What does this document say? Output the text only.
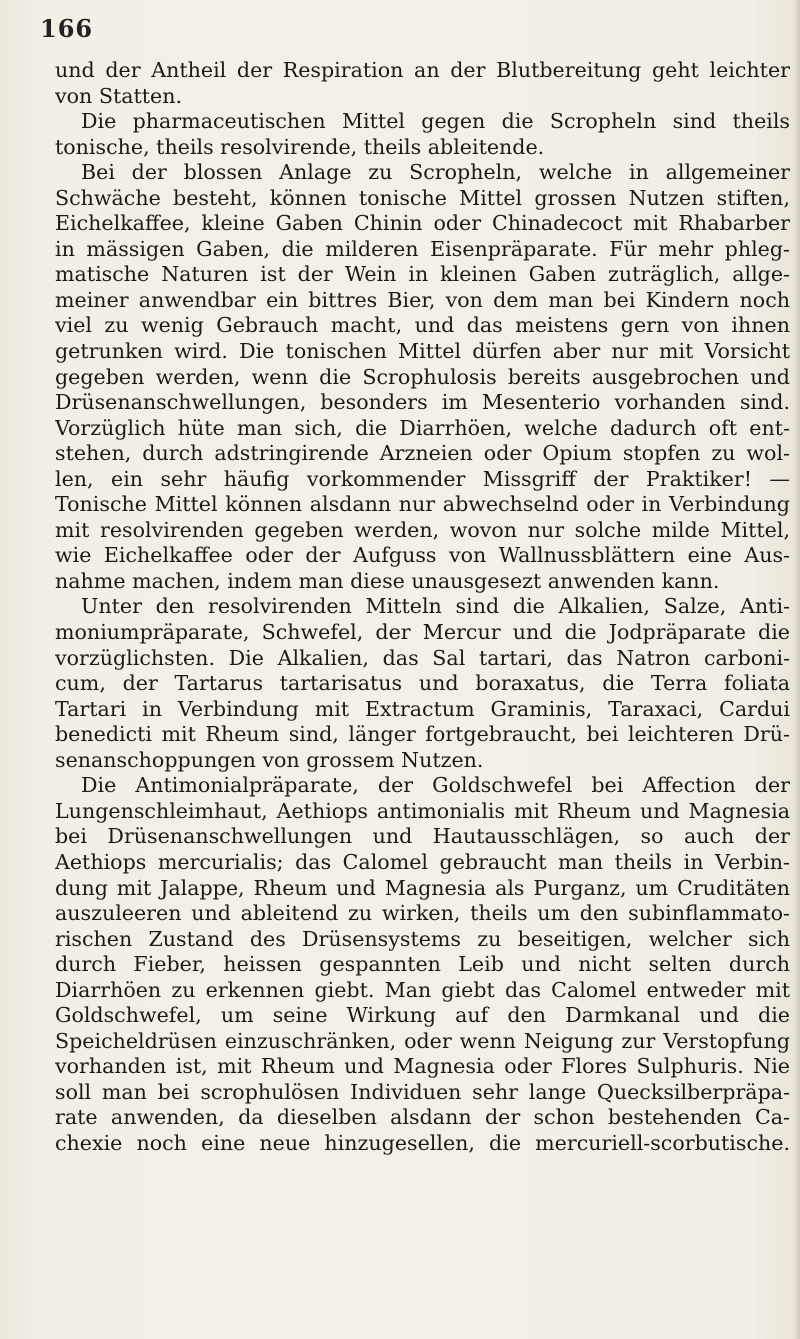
166
und der Antheil der Respiration an der Blutbereitung geht leichter
von Statten.
Die pharmaceutischen Mittel gegen die Scropheln sind theils
tonische, theils resolvirende, theils ableitende.
Bei der blossen Anlage zu Scropheln, welche in allgemeiner
Schwäche besteht, können tonische Mittel grossen Nutzen stiften,
Eichelkaffee, kleine Gaben Chinin oder Chinadecoct mit Rhabarber
in mässigen Gaben, die milderen Eisenpräparate. Für mehr phleg-
matische Naturen ist der Wein in kleinen Gaben zuträglich, allge-
meiner anwendbar ein bittres Bier, von dem man bei Kindern noch
viel zu wenig Gebrauch macht, und das meistens gern von ihnen
getrunken wird. Die tonischen Mittel dürfen aber nur mit Vorsicht
gegeben werden, wenn die Scrophulosis bereits ausgebrochen und
Drüsenanschwellungen, besonders im Mesenterio vorhanden sind.
Vorzüglich hüte man sich, die Diarrhöen, welche dadurch oft ent-
stehen, durch adstringirende Arzneien oder Opium stopfen zu wol-
len, ein sehr häufig vorkommender Missgriff der Praktiker! —
Tonische Mittel können alsdann nur abwechselnd oder in Verbindung
mit resolvirenden gegeben werden, wovon nur solche milde Mittel,
wie Eichelkaffee oder der Aufguss von Wallnussblättern eine Aus-
nahme machen, indem man diese unausgesezt anwenden kann.
Unter den resolvirenden Mitteln sind die Alkalien, Salze, Anti-
moniumpräparate, Schwefel, der Mercur und die Jodpräparate die
vorzüglichsten. Die Alkalien, das Sal tartari, das Natron carboni-
cum, der Tartarus tartarisatus und boraxatus, die Terra foliata
Tartari in Verbindung mit Extractum Graminis, Taraxaci, Cardui
benedicti mit Rheum sind, länger fortgebraucht, bei leichteren Drü-
senanschoppungen von grossem Nutzen.
Die Antimonialpräparate, der Goldschwefel bei Affection der
Lungenschleimhaut, Aethiops antimonialis mit Rheum und Magnesia
bei Drüsenanschwellungen und Hautausschlägen, so auch der
Aethiops mercurialis; das Calomel gebraucht man theils in Verbin-
dung mit Jalappe, Rheum und Magnesia als Purganz, um Cruditäten
auszuleeren und ableitend zu wirken, theils um den subinflammato-
rischen Zustand des Drüsensystems zu beseitigen, welcher sich
durch Fieber, heissen gespannten Leib und nicht selten durch
Diarrhöen zu erkennen giebt. Man giebt das Calomel entweder mit
Goldschwefel, um seine Wirkung auf den Darmkanal und die
Speicheldrüsen einzuschränken, oder wenn Neigung zur Verstopfung
vorhanden ist, mit Rheum und Magnesia oder Flores Sulphuris. Nie
soll man bei scrophulösen Individuen sehr lange Quecksilberpräpa-
rate anwenden, da dieselben alsdann der schon bestehenden Ca-
chexie noch eine neue hinzugesellen, die mercuriell-scorbutische.
